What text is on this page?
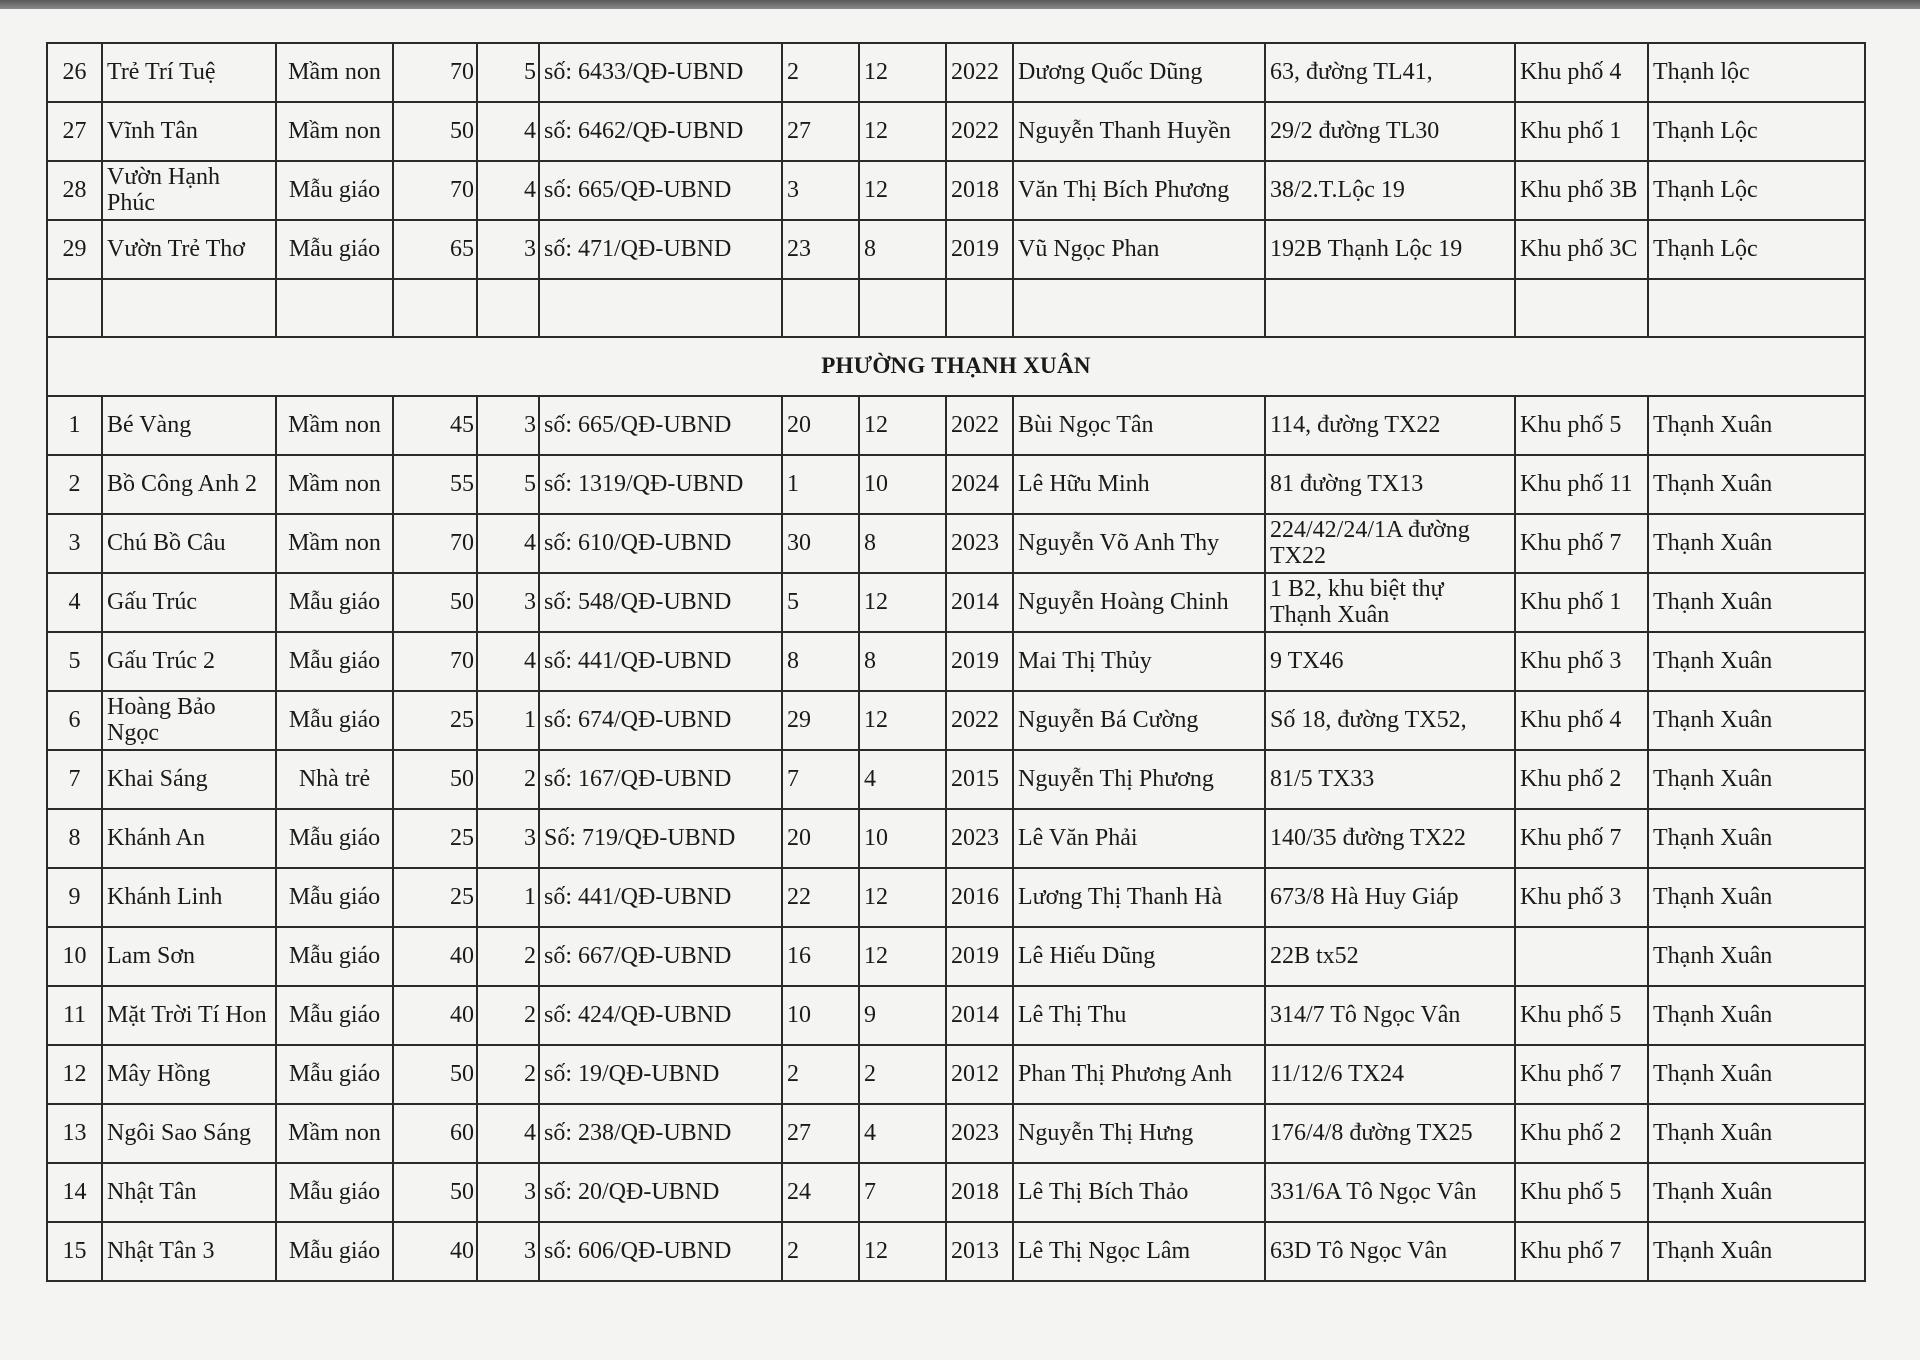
26	Trẻ Trí Tuệ	Mầm non	70	5	số: 6433/QĐ-UBND	2	12	2022	Dương Quốc Dũng	63, đường TL41,	Khu phố 4	Thạnh lộc
27	Vĩnh Tân	Mầm non	50	4	số: 6462/QĐ-UBND	27	12	2022	Nguyễn Thanh Huyền	29/2 đường TL30	Khu phố 1	Thạnh Lộc
28	Vườn Hạnh Phúc	Mẫu giáo	70	4	số: 665/QĐ-UBND	3	12	2018	Văn Thị Bích Phương	38/2.T.Lộc 19	Khu phố 3B	Thạnh Lộc
29	Vườn Trẻ Thơ	Mẫu giáo	65	3	số: 471/QĐ-UBND	23	8	2019	Vũ Ngọc Phan	192B Thạnh Lộc 19	Khu phố 3C	Thạnh Lộc

PHƯỜNG THẠNH XUÂN												
1	Bé Vàng	Mầm non	45	3	số: 665/QĐ-UBND	20	12	2022	Bùi Ngọc Tân	114, đường TX22	Khu phố 5	Thạnh Xuân
2	Bồ Công Anh 2	Mầm non	55	5	số: 1319/QĐ-UBND	1	10	2024	Lê Hữu Minh	81 đường TX13	Khu phố 11	Thạnh Xuân
3	Chú Bồ Câu	Mầm non	70	4	số: 610/QĐ-UBND	30	8	2023	Nguyễn Võ Anh Thy	224/42/24/1A đường TX22	Khu phố 7	Thạnh Xuân
4	Gấu Trúc	Mẫu giáo	50	3	số: 548/QĐ-UBND	5	12	2014	Nguyễn Hoàng Chinh	1 B2, khu biệt thự Thạnh Xuân	Khu phố 1	Thạnh Xuân
5	Gấu Trúc 2	Mẫu giáo	70	4	số: 441/QĐ-UBND	8	8	2019	Mai Thị Thủy	9 TX46	Khu phố 3	Thạnh Xuân
6	Hoàng Bảo Ngọc	Mẫu giáo	25	1	số: 674/QĐ-UBND	29	12	2022	Nguyễn Bá Cường	Số 18, đường TX52,	Khu phố 4	Thạnh Xuân
7	Khai Sáng	Nhà trẻ	50	2	số: 167/QĐ-UBND	7	4	2015	Nguyễn Thị Phương	81/5 TX33	Khu phố 2	Thạnh Xuân
8	Khánh An	Mẫu giáo	25	3	Số: 719/QĐ-UBND	20	10	2023	Lê Văn Phải	140/35 đường TX22	Khu phố 7	Thạnh Xuân
9	Khánh Linh	Mẫu giáo	25	1	số: 441/QĐ-UBND	22	12	2016	Lương Thị Thanh Hà	673/8 Hà Huy Giáp	Khu phố 3	Thạnh Xuân
10	Lam Sơn	Mẫu giáo	40	2	số: 667/QĐ-UBND	16	12	2019	Lê Hiếu Dũng	22B tx52		Thạnh Xuân
11	Mặt Trời Tí Hon	Mẫu giáo	40	2	số: 424/QĐ-UBND	10	9	2014	Lê Thị Thu	314/7 Tô Ngọc Vân	Khu phố 5	Thạnh Xuân
12	Mây Hồng	Mẫu giáo	50	2	số: 19/QĐ-UBND	2	2	2012	Phan Thị Phương Anh	11/12/6 TX24	Khu phố 7	Thạnh Xuân
13	Ngôi Sao Sáng	Mầm non	60	4	số: 238/QĐ-UBND	27	4	2023	Nguyễn Thị Hưng	176/4/8 đường TX25	Khu phố 2	Thạnh Xuân
14	Nhật Tân	Mẫu giáo	50	3	số: 20/QĐ-UBND	24	7	2018	Lê Thị Bích Thảo	331/6A Tô Ngọc Vân	Khu phố 5	Thạnh Xuân
15	Nhật Tân 3	Mẫu giáo	40	3	số: 606/QĐ-UBND	2	12	2013	Lê Thị Ngọc Lâm	63D Tô Ngọc Vân	Khu phố 7	Thạnh Xuân
